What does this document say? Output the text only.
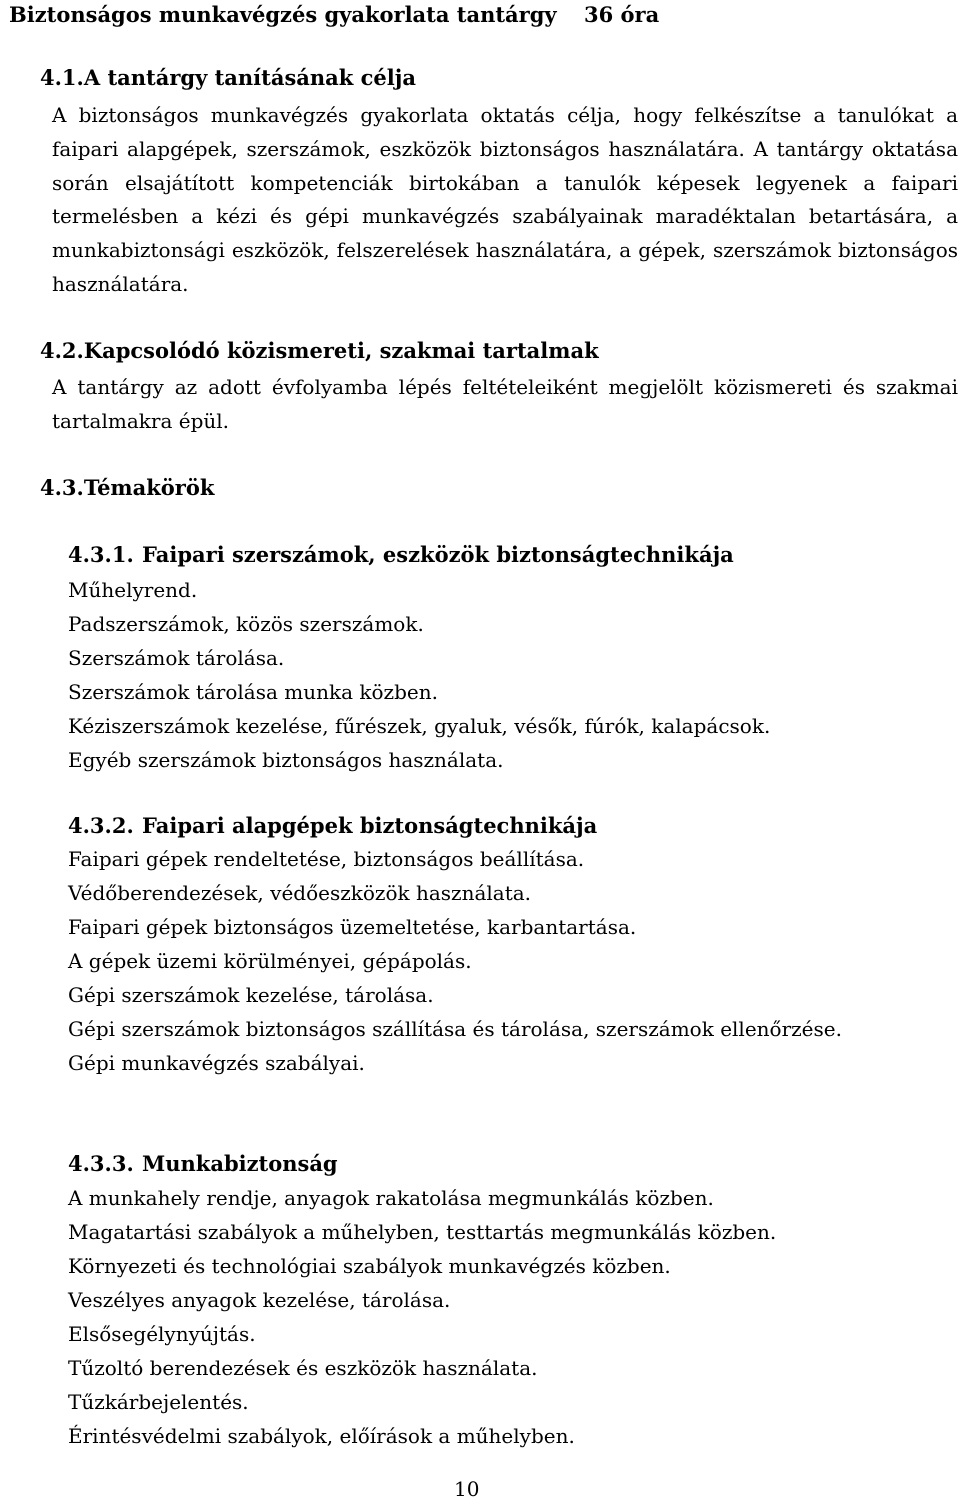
Biztonságos munkavégzés gyakorlata tantárgy 36 óra
4.1.A tantárgy tanításának célja
A biztonságos munkavégzés gyakorlata oktatás célja, hogy felkészítse a tanulókat a faipari alapgépek, szerszámok, eszközök biztonságos használatára. A tantárgy oktatása során elsajátított kompetenciák birtokában a tanulók képesek legyenek a faipari termelésben a kézi és gépi munkavégzés szabályainak maradéktalan betartására, a munkabiztonsági eszközök, felszerelések használatára, a gépek, szerszámok biztonságos használatára.
4.2.Kapcsolódó közismereti, szakmai tartalmak
A tantárgy az adott évfolyamba lépés feltételeiként megjelölt közismereti és szakmai tartalmakra épül.
4.3.Témakörök
4.3.1. Faipari szerszámok, eszközök biztonságtechnikája
Műhelyrend.
Padszerszámok, közös szerszámok.
Szerszámok tárolása.
Szerszámok tárolása munka közben.
Kéziszerszámok kezelése, fűrészek, gyaluk, vésők, fúrók, kalapácsok.
Egyéb szerszámok biztonságos használata.
4.3.2. Faipari alapgépek biztonságtechnikája
Faipari gépek rendeltetése, biztonságos beállítása.
Védőberendezések, védőeszközök használata.
Faipari gépek biztonságos üzemeltetése, karbantartása.
A gépek üzemi körülményei, gépápolás.
Gépi szerszámok kezelése, tárolása.
Gépi szerszámok biztonságos szállítása és tárolása, szerszámok ellenőrzése.
Gépi munkavégzés szabályai.
4.3.3. Munkabiztonság
A munkahely rendje, anyagok rakatolása megmunkálás közben.
Magatartási szabályok a műhelyben, testtartás megmunkálás közben.
Környezeti és technológiai szabályok munkavégzés közben.
Veszélyes anyagok kezelése, tárolása.
Elsősegélynyújtás.
Tűzoltó berendezések és eszközök használata.
Tűzkárbejelentés.
Érintésvédelmi szabályok, előírások a műhelyben.
10
